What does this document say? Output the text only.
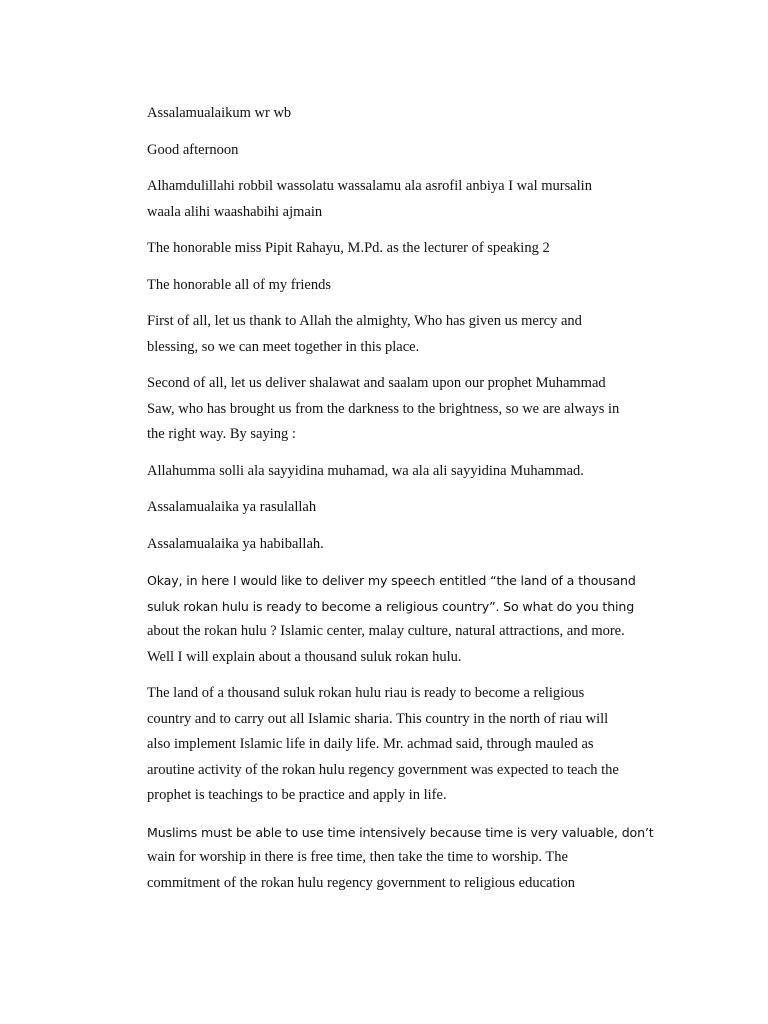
Assalamualaikum wr wb

Good afternoon

Alhamdulillahi robbil wassolatu wassalamu ala asrofil anbiya I wal mursalin
waala alihi waashabihi ajmain

The honorable miss Pipit Rahayu, M.Pd. as the lecturer of speaking 2

The honorable all of my friends

First of all, let us thank to Allah the almighty, Who has given us mercy and
blessing, so we can meet together in this place.

Second of all, let us deliver shalawat and saalam upon our prophet Muhammad
Saw, who has brought us from the darkness to the brightness, so we are always in
the right way. By saying :

Allahumma solli ala sayyidina muhamad, wa ala ali sayyidina Muhammad.

Assalamualaika ya rasulallah

Assalamualaika ya habiballah.

Okay, in here I would like to deliver my speech entitled “the land of a thousand
suluk rokan hulu is ready to become a religious country”. So what do you thing
about the rokan hulu ? Islamic center, malay culture, natural attractions, and more.
Well I will explain about a thousand suluk rokan hulu.

The land of a thousand suluk rokan hulu riau is ready to become a religious
country and to carry out all Islamic sharia. This country in the north of riau will
also implement Islamic life in daily life. Mr. achmad said, through mauled as
aroutine activity of the rokan hulu regency government was expected to teach the
prophet is teachings to be practice and apply in life.

Muslims must be able to use time intensively because time is very valuable, don’t
wain for worship in there is free time, then take the time to worship. The
commitment of the rokan hulu regency government to religious education
